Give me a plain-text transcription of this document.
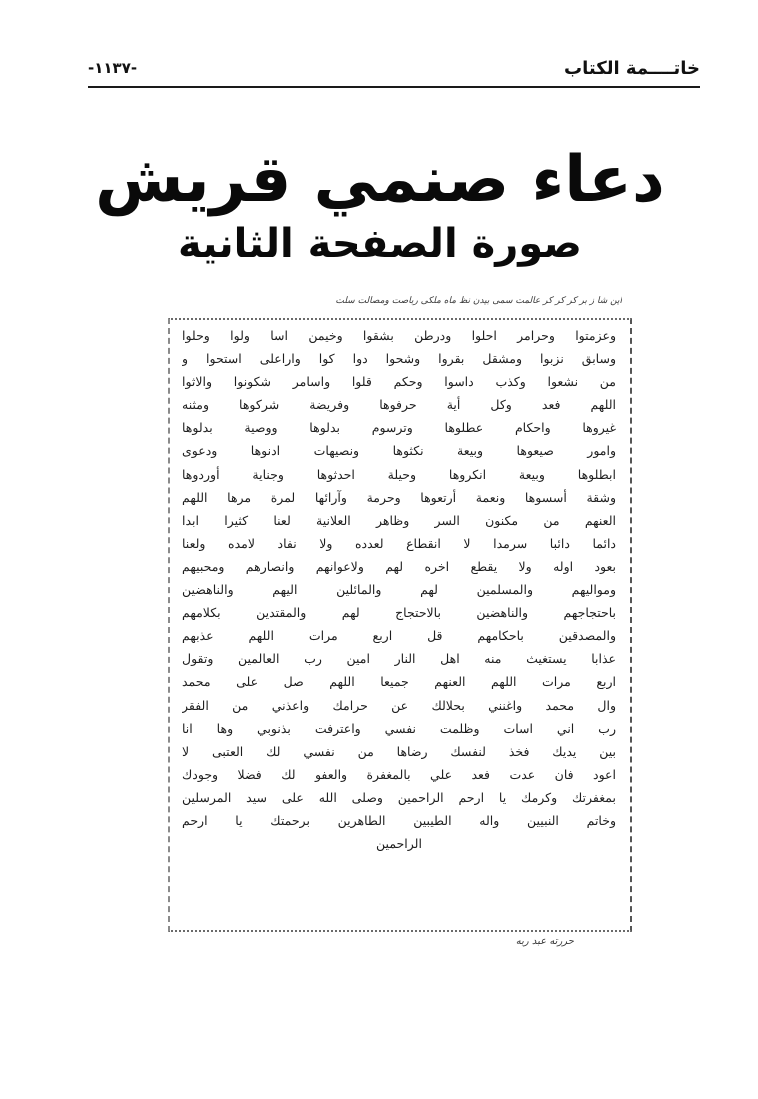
خاتــــمة الكتاب
-١١٣٧-
دعاء صنمي قريش
صورة الصفحة الثانية
اين شا ز بر کر کر کر عالمت سمی بیدن نظ ماه ملكی رباصت ومصالت سلت
وعزمتوا وحرامر احلوا ودرطن بشقوا وخيمن اسا ولوا وحلوا
وسابق نزبوا ومشقل بقروا وشحوا دوا كوا واراعلى استحوا و
من نشعوا وكذب داسوا وحكم قلوا واسامر شكونوا والاثوا
اللهم فعد وكل أية حرفوها وفريضة شركوها ومثنه
غيروها واحكام عطلوها وترسوم بدلوها ووصية بدلوها
وامور صيعوها وبيعة نكثوها ونصيهات ادنوها ودعوى
ابطلوها وبيعة انكروها وحيلة احدثوها وجناية أوردوها
وشقة أسسوها ونعمة أرتعوها وحرمة وآرائها لمرة مرها اللهم
العنهم من مكنون السر وظاهر العلانية لعنا كثيرا ابدا
دائما دائبا سرمدا لا انقطاع لعدده ولا نفاد لامده ولعنا
بعود اوله ولا يقطع اخره لهم ولاعوانهم وانصارهم ومحبيهم
ومواليهم والمسلمين لهم والمائلين اليهم والناهضين
باحتجاجهم والناهضين بالاحتجاج لهم والمقتدين بكلامهم
والمصدقين باحكامهم قل اربع مرات اللهم عذبهم
عذابا يستغيث منه اهل النار امين رب العالمين وتقول
اربع مرات اللهم العنهم جميعا اللهم صل على محمد
وال محمد واغنني بحلالك عن حرامك واعذني من الفقر
رب اني اسات وظلمت نفسي واعترفت بذنوبي وها انا
بين يديك فخذ لنفسك رضاها من نفسي لك العتبى لا
اعود فان عدت فعد علي بالمغفرة والعفو لك فضلا وجودك
بمغفرتك وكرمك يا ارحم الراحمين وصلى الله على سيد المرسلين
وخاتم النبيين واله الطيبين الطاهرين برحمتك يا ارحم
الراحمين
حررته عبد ربه
